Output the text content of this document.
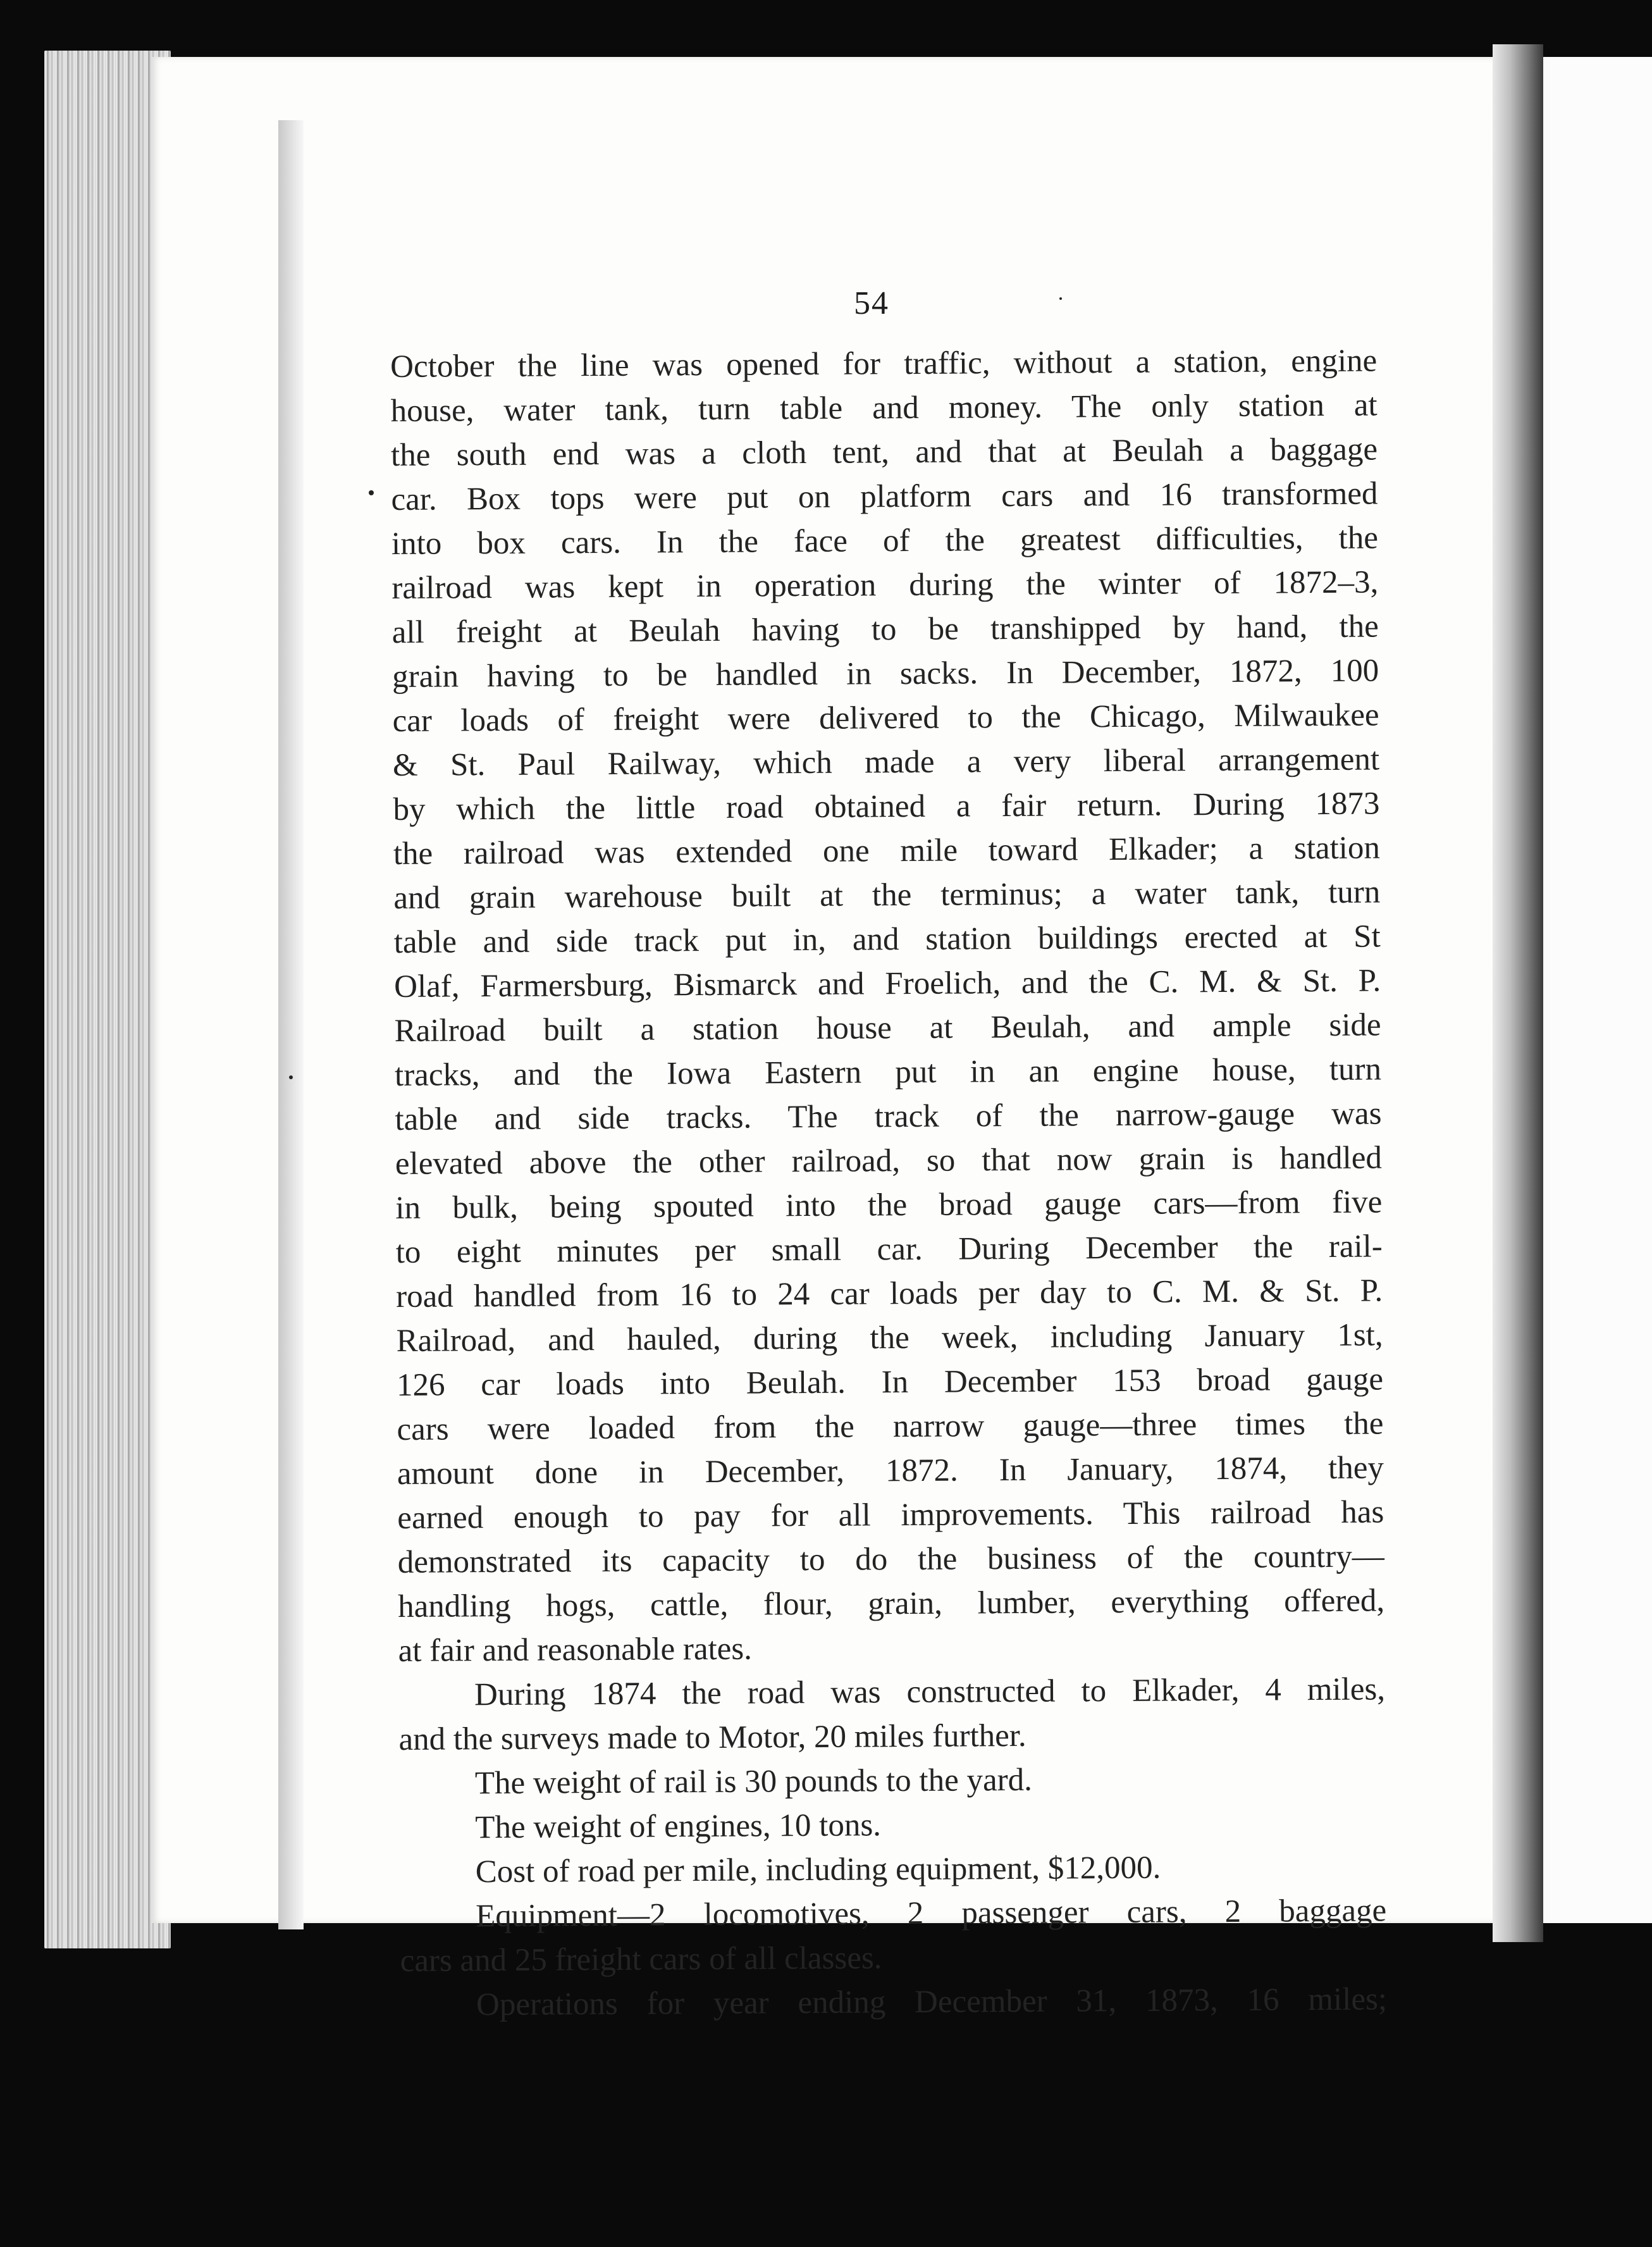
54
October the line was opened for traffic, without a station, engine
house, water tank, turn table and money. The only station at
the south end was a cloth tent, and that at Beulah a baggage
car. Box tops were put on platform cars and 16 transformed
into box cars. In the face of the greatest difficulties, the
railroad was kept in operation during the winter of 1872–3,
all freight at Beulah having to be transhipped by hand, the
grain having to be handled in sacks. In December, 1872, 100
car loads of freight were delivered to the Chicago, Milwaukee
& St. Paul Railway, which made a very liberal arrangement
by which the little road obtained a fair return. During 1873
the railroad was extended one mile toward Elkader; a station
and grain warehouse built at the terminus; a water tank, turn
table and side track put in, and station buildings erected at St
Olaf, Farmersburg, Bismarck and Froelich, and the C. M. & St. P.
Railroad built a station house at Beulah, and ample side
tracks, and the Iowa Eastern put in an engine house, turn
table and side tracks. The track of the narrow-gauge was
elevated above the other railroad, so that now grain is handled
in bulk, being spouted into the broad gauge cars—from five
to eight minutes per small car. During December the rail-
road handled from 16 to 24 car loads per day to C. M. & St. P.
Railroad, and hauled, during the week, including January 1st,
126 car loads into Beulah. In December 153 broad gauge
cars were loaded from the narrow gauge—three times the
amount done in December, 1872. In January, 1874, they
earned enough to pay for all improvements. This railroad has
demonstrated its capacity to do the business of the country—
handling hogs, cattle, flour, grain, lumber, everything offered,
at fair and reasonable rates.
During 1874 the road was constructed to Elkader, 4 miles,
and the surveys made to Motor, 20 miles further.
The weight of rail is 30 pounds to the yard.
The weight of engines, 10 tons.
Cost of road per mile, including equipment, $12,000.
Equipment—2 locomotives, 2 passenger cars, 2 baggage
cars and 25 freight cars of all classes.
Operations for year ending December 31, 1873, 16 miles;
